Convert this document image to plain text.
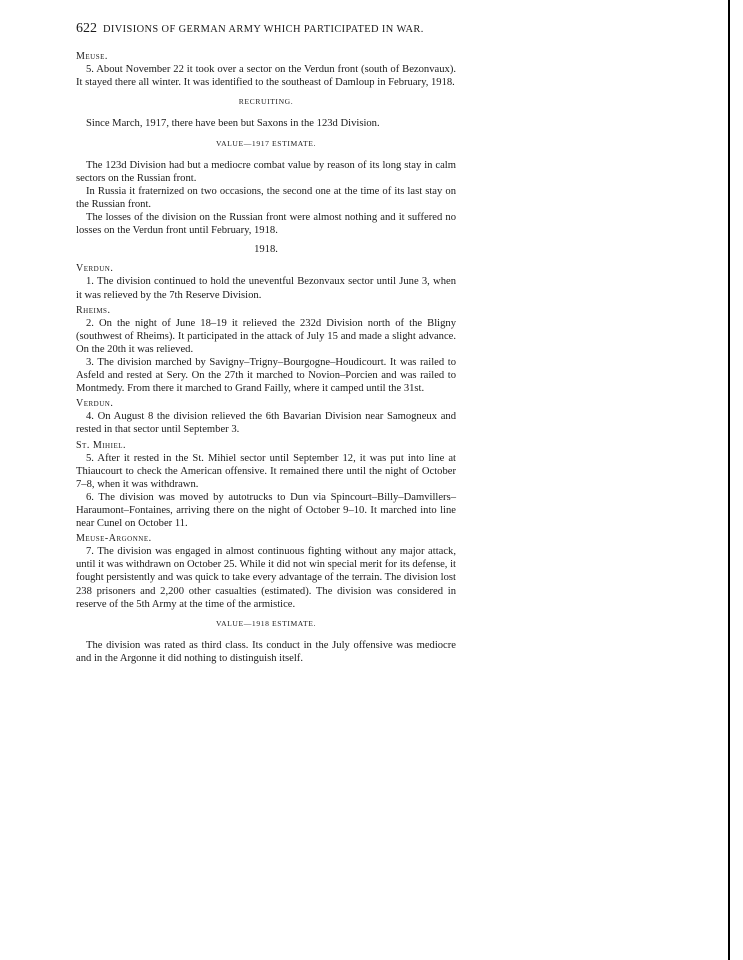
622 DIVISIONS OF GERMAN ARMY WHICH PARTICIPATED IN WAR.
Meuse.
5. About November 22 it took over a sector on the Verdun front (south of Bezonvaux). It stayed there all winter. It was identified to the southeast of Damloup in February, 1918.
RECRUITING.
Since March, 1917, there have been but Saxons in the 123d Division.
VALUE—1917 ESTIMATE.
The 123d Division had but a mediocre combat value by reason of its long stay in calm sectors on the Russian front.
In Russia it fraternized on two occasions, the second one at the time of its last stay on the Russian front.
The losses of the division on the Russian front were almost nothing and it suffered no losses on the Verdun front until February, 1918.
1918.
Verdun.
1. The division continued to hold the uneventful Bezonvaux sector until June 3, when it was relieved by the 7th Reserve Division.
Rheims.
2. On the night of June 18–19 it relieved the 232d Division north of the Bligny (southwest of Rheims). It participated in the attack of July 15 and made a slight advance. On the 20th it was relieved.
3. The division marched by Savigny–Trigny–Bourgogne–Houdicourt. It was railed to Asfeld and rested at Sery. On the 27th it marched to Novion–Porcien and was railed to Montmedy. From there it marched to Grand Failly, where it camped until the 31st.
Verdun.
4. On August 8 the division relieved the 6th Bavarian Division near Samogneux and rested in that sector until September 3.
St. Mihiel.
5. After it rested in the St. Mihiel sector until September 12, it was put into line at Thiaucourt to check the American offensive. It remained there until the night of October 7–8, when it was withdrawn.
6. The division was moved by autotrucks to Dun via Spincourt–Billy–Damvillers–Haraumont–Fontaines, arriving there on the night of October 9–10. It marched into line near Cunel on October 11.
Meuse-Argonne.
7. The division was engaged in almost continuous fighting without any major attack, until it was withdrawn on October 25. While it did not win special merit for its defense, it fought persistently and was quick to take every advantage of the terrain. The division lost 238 prisoners and 2,200 other casualties (estimated). The division was considered in reserve of the 5th Army at the time of the armistice.
VALUE—1918 ESTIMATE.
The division was rated as third class. Its conduct in the July offensive was mediocre and in the Argonne it did nothing to distinguish itself.
